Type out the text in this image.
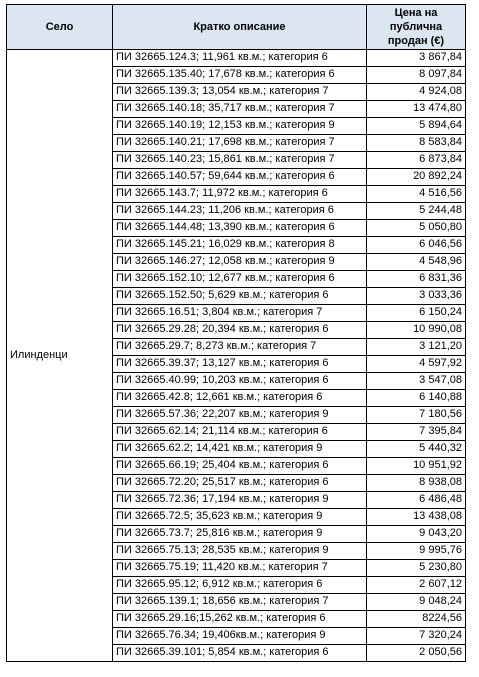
Село	Кратко описание	Цена на публична продан (€)
Илинденци	ПИ 32665.124.3; 11,961 кв.м.; категория 6	3 867,84
	ПИ 32665.135.40; 17,678 кв.м.; категория 6	8 097,84
	ПИ 32665.139.3; 13,054 кв.м.; категория 7	4 924,08
	ПИ 32665.140.18; 35,717 кв.м.; категория 7	13 474,80
	ПИ 32665.140.19; 12,153 кв.м.; категория 9	5 894,64
	ПИ 32665.140.21; 17,698 кв.м.; категория 7	8 583,84
	ПИ 32665.140.23; 15,861 кв.м.; категория 7	6 873,84
	ПИ 32665.140.57; 59,644 кв.м.; категория 6	20 892,24
	ПИ 32665.143.7; 11,972 кв.м.; категория 6	4 516,56
	ПИ 32665.144.23; 11,206 кв.м.; категория 6	5 244,48
	ПИ 32665.144.48; 13,390 кв.м.; категория 6	5 050,80
	ПИ 32665.145.21; 16,029 кв.м.; категория 8	6 046,56
	ПИ 32665.146.27; 12,058 кв.м.; категория 9	4 548,96
	ПИ 32665.152.10; 12,677 кв.м.; категория 6	6 831,36
	ПИ 32665.152.50; 5,629 кв.м.; категория 6	3 033,36
	ПИ 32665.16.51; 3,804 кв.м.; категория 7	6 150,24
	ПИ 32665.29.28; 20,394 кв.м.; категория 6	10 990,08
	ПИ 32665.29.7; 8,273 кв.м.; категория 7	3 121,20
	ПИ 32665.39.37; 13,127 кв.м.; категория 6	4 597,92
	ПИ 32665.40.99; 10,203 кв.м.; категория 6	3 547,08
	ПИ 32665.42.8; 12,661 кв.м.; категория 6	6 140,88
	ПИ 32665.57.36; 22,207 кв.м.; категория 9	7 180,56
	ПИ 32665.62.14; 21,114 кв.м.; категория 6	7 395,84
	ПИ 32665.62.2; 14,421 кв.м.; категория 9	5 440,32
	ПИ 32665.66.19; 25,404 кв.м.; категория 6	10 951,92
	ПИ 32665.72.20; 25,517 кв.м.; категория 6	8 938,08
	ПИ 32665.72.36; 17,194 кв.м.; категория 9	6 486,48
	ПИ 32665.72.5; 35,623 кв.м.; категория 9	13 438,08
	ПИ 32665.73.7; 25,816 кв.м.; категория 9	9 043,20
	ПИ 32665.75.13; 28,535 кв.м.; категория 9	9 995,76
	ПИ 32665.75.19; 11,420 кв.м.; категория 7	5 230,80
	ПИ 32665.95.12; 6,912 кв.м.; категория 6	2 607,12
	ПИ 32665.139.1; 18,656 кв.м.; категория 7	9 048,24
	ПИ 32665.29.16;15,262 кв.м.; категория 6	8224,56
	ПИ 32665.76.34; 19,406кв.м.; категория 9	7 320,24
	ПИ 32665.39.101; 5,854 кв.м.; категория 6	2 050,56
